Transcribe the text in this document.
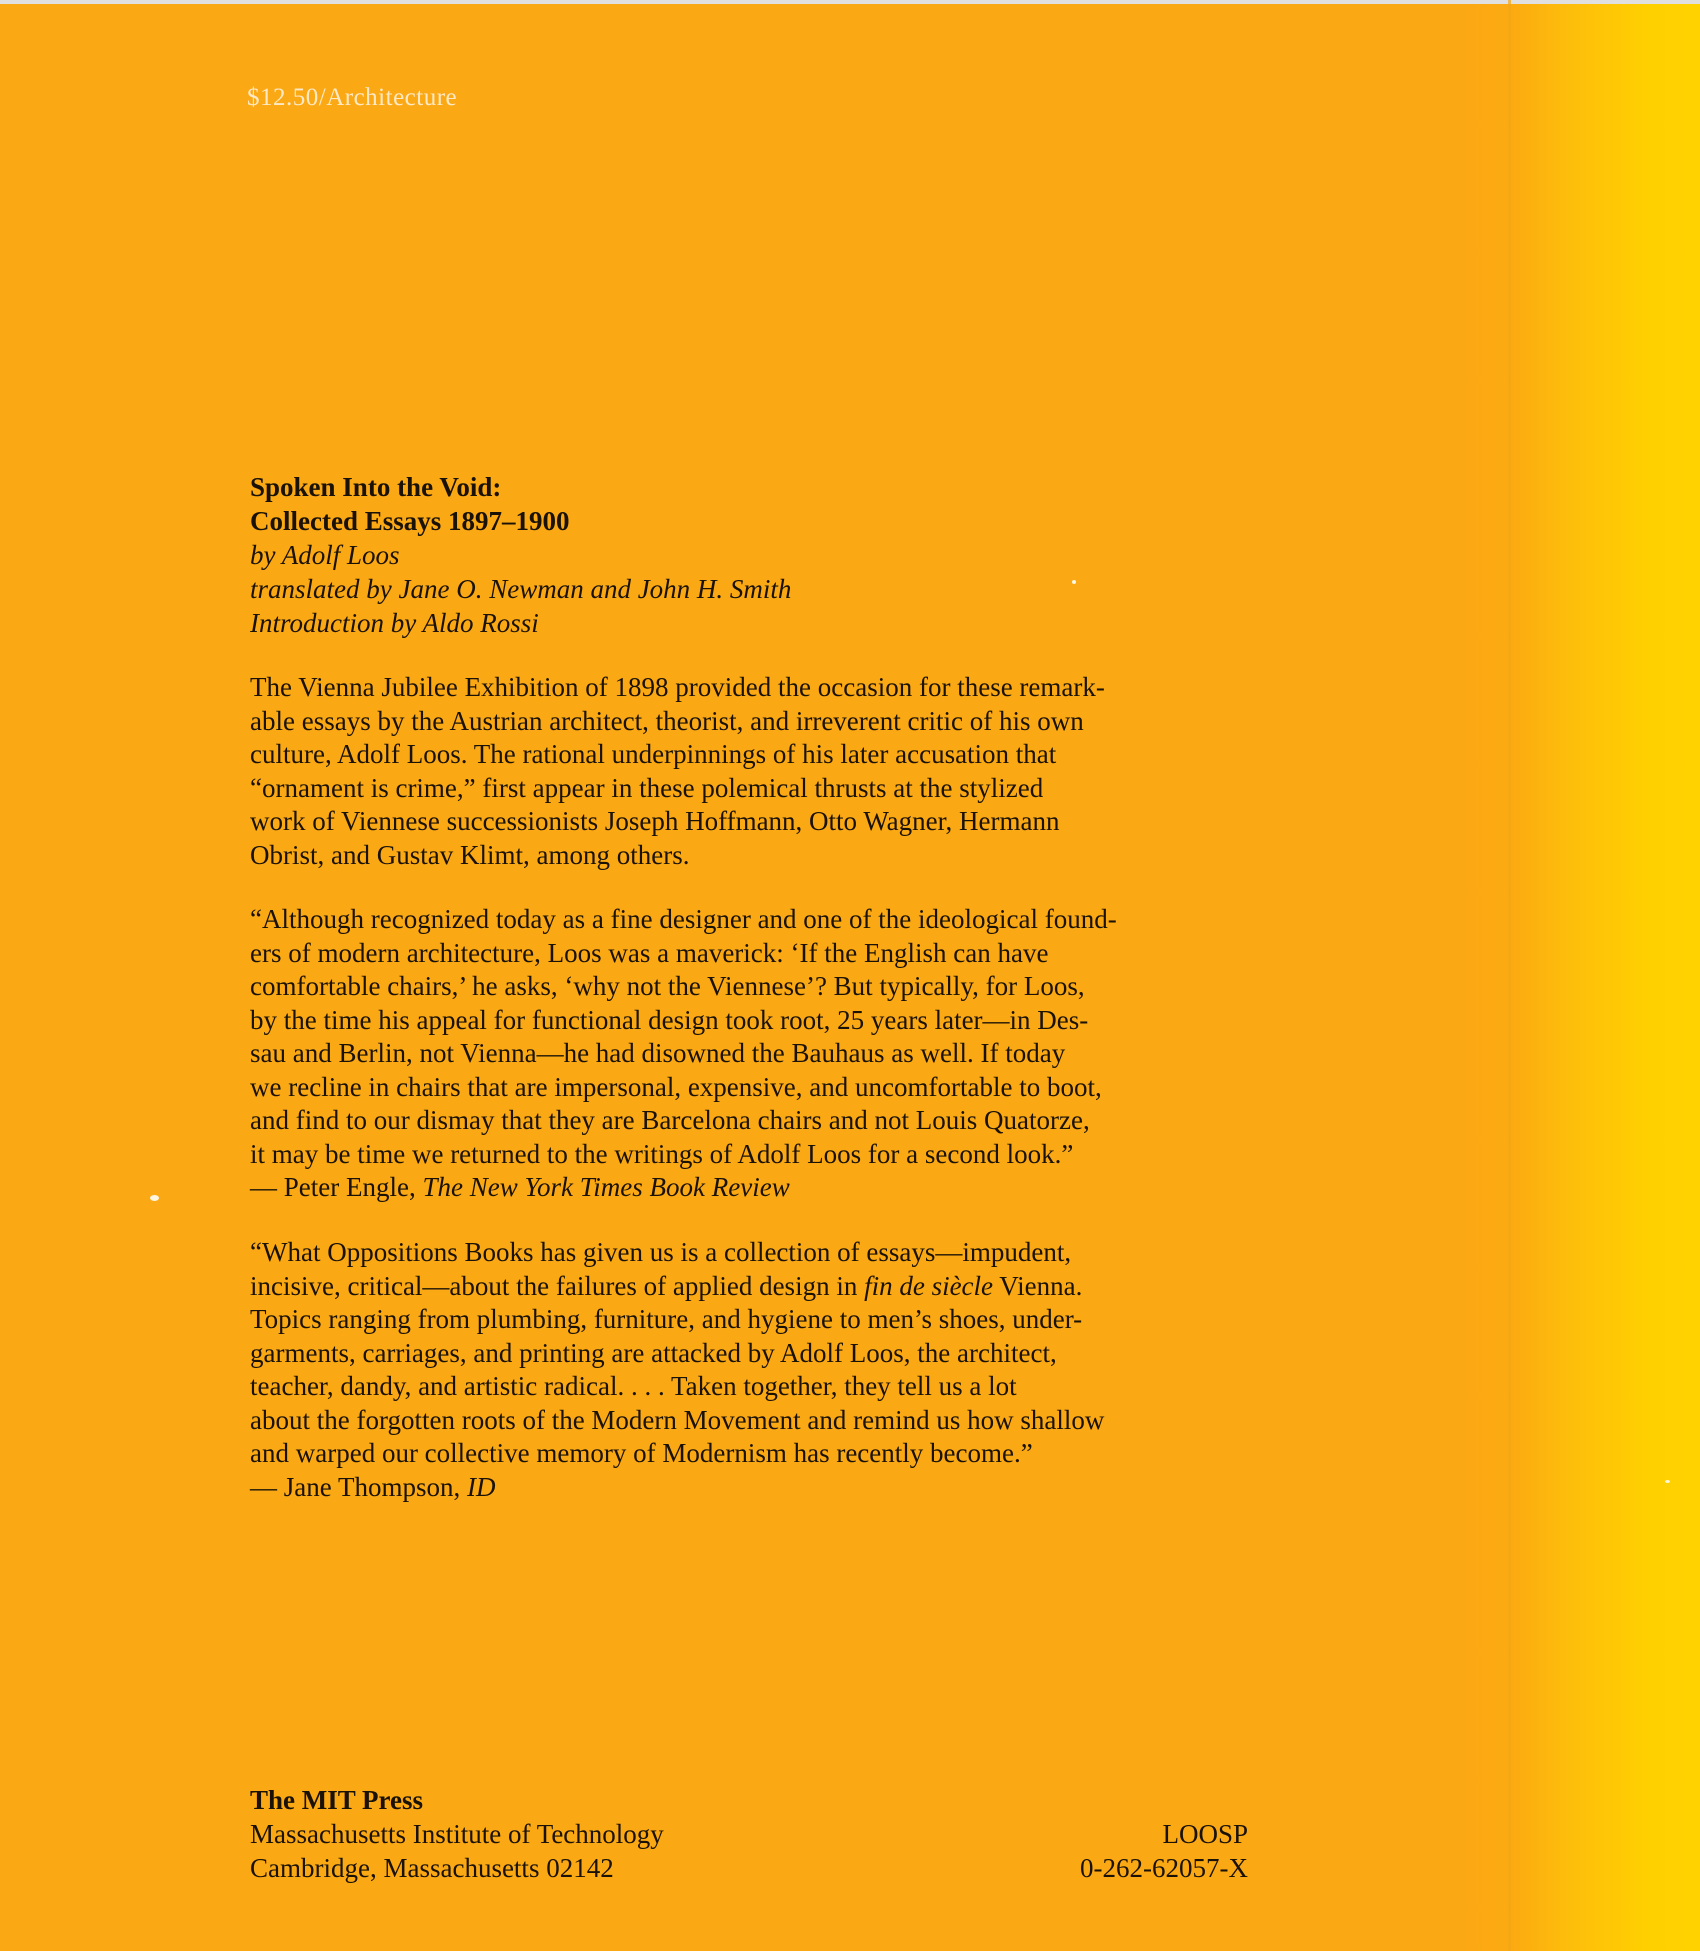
$12.50/Architecture
Spoken Into the Void:
Collected Essays 1897–1900
by Adolf Loos
translated by Jane O. Newman and John H. Smith
Introduction by Aldo Rossi
The Vienna Jubilee Exhibition of 1898 provided the occasion for these remark-
able essays by the Austrian architect, theorist, and irreverent critic of his own
culture, Adolf Loos. The rational underpinnings of his later accusation that
“ornament is crime,” first appear in these polemical thrusts at the stylized
work of Viennese successionists Joseph Hoffmann, Otto Wagner, Hermann
Obrist, and Gustav Klimt, among others.
“Although recognized today as a fine designer and one of the ideological found-
ers of modern architecture, Loos was a maverick: ‘If the English can have
comfortable chairs,’ he asks, ‘why not the Viennese’? But typically, for Loos,
by the time his appeal for functional design took root, 25 years later—in Des-
sau and Berlin, not Vienna—he had disowned the Bauhaus as well. If today
we recline in chairs that are impersonal, expensive, and uncomfortable to boot,
and find to our dismay that they are Barcelona chairs and not Louis Quatorze,
it may be time we returned to the writings of Adolf Loos for a second look.”
— Peter Engle, The New York Times Book Review
“What Oppositions Books has given us is a collection of essays—impudent,
incisive, critical—about the failures of applied design in fin de siècle Vienna.
Topics ranging from plumbing, furniture, and hygiene to men’s shoes, under-
garments, carriages, and printing are attacked by Adolf Loos, the architect,
teacher, dandy, and artistic radical. . . . Taken together, they tell us a lot
about the forgotten roots of the Modern Movement and remind us how shallow
and warped our collective memory of Modernism has recently become.”
— Jane Thompson, ID
The MIT Press
Massachusetts Institute of Technology
Cambridge, Massachusetts 02142
LOOSP
0-262-62057-X
